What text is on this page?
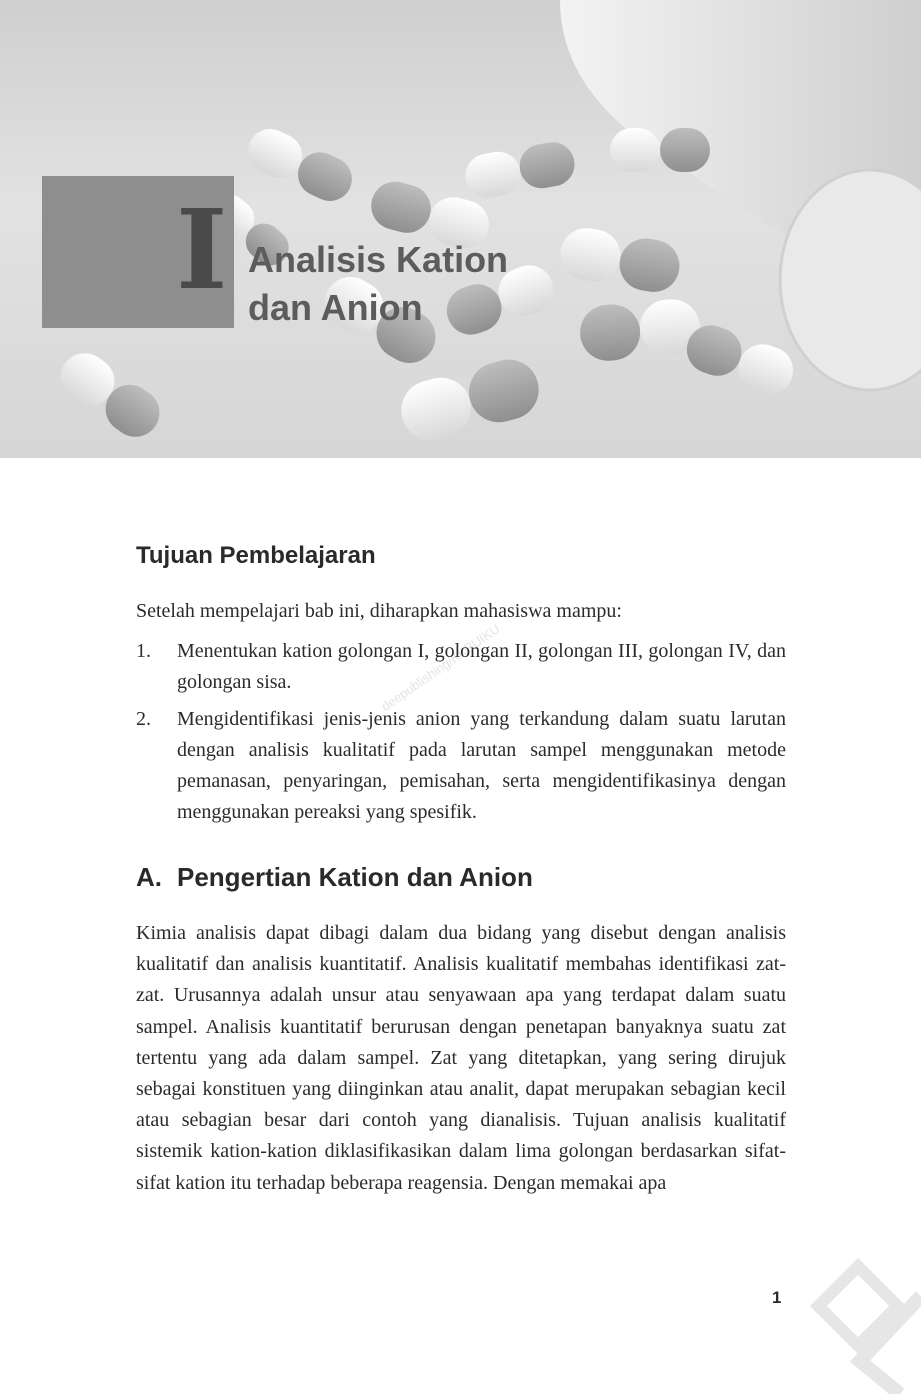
I Analisis Kation
dan Anion
deepublishing/KKBUIKU
Tujuan Pembelajaran

Setelah mempelajari bab ini, diharapkan mahasiswa mampu:

1. Menentukan kation golongan I, golongan II, golongan III, golongan IV, dan golongan sisa.
2. Mengidentifikasi jenis-jenis anion yang terkandung dalam suatu larutan dengan analisis kualitatif pada larutan sampel menggunakan metode pemanasan, penyaringan, pemisahan, serta mengidentifikasinya dengan menggunakan pereaksi yang spesifik.
A. Pengertian Kation dan Anion

Kimia analisis dapat dibagi dalam dua bidang yang disebut dengan analisis kualitatif dan analisis kuantitatif. Analisis kualitatif membahas identifikasi zat-zat. Urusannya adalah unsur atau senyawaan apa yang terdapat dalam suatu sampel. Analisis kuantitatif berurusan dengan penetapan banyaknya suatu zat tertentu yang ada dalam sampel. Zat yang ditetapkan, yang sering dirujuk sebagai konstituen yang diinginkan atau analit, dapat merupakan sebagian kecil atau sebagian besar dari contoh yang dianalisis. Tujuan analisis kualitatif sistemik kation-kation diklasifikasikan dalam lima golongan berdasarkan sifat-sifat kation itu terhadap beberapa reagensia. Dengan memakai apa

1
